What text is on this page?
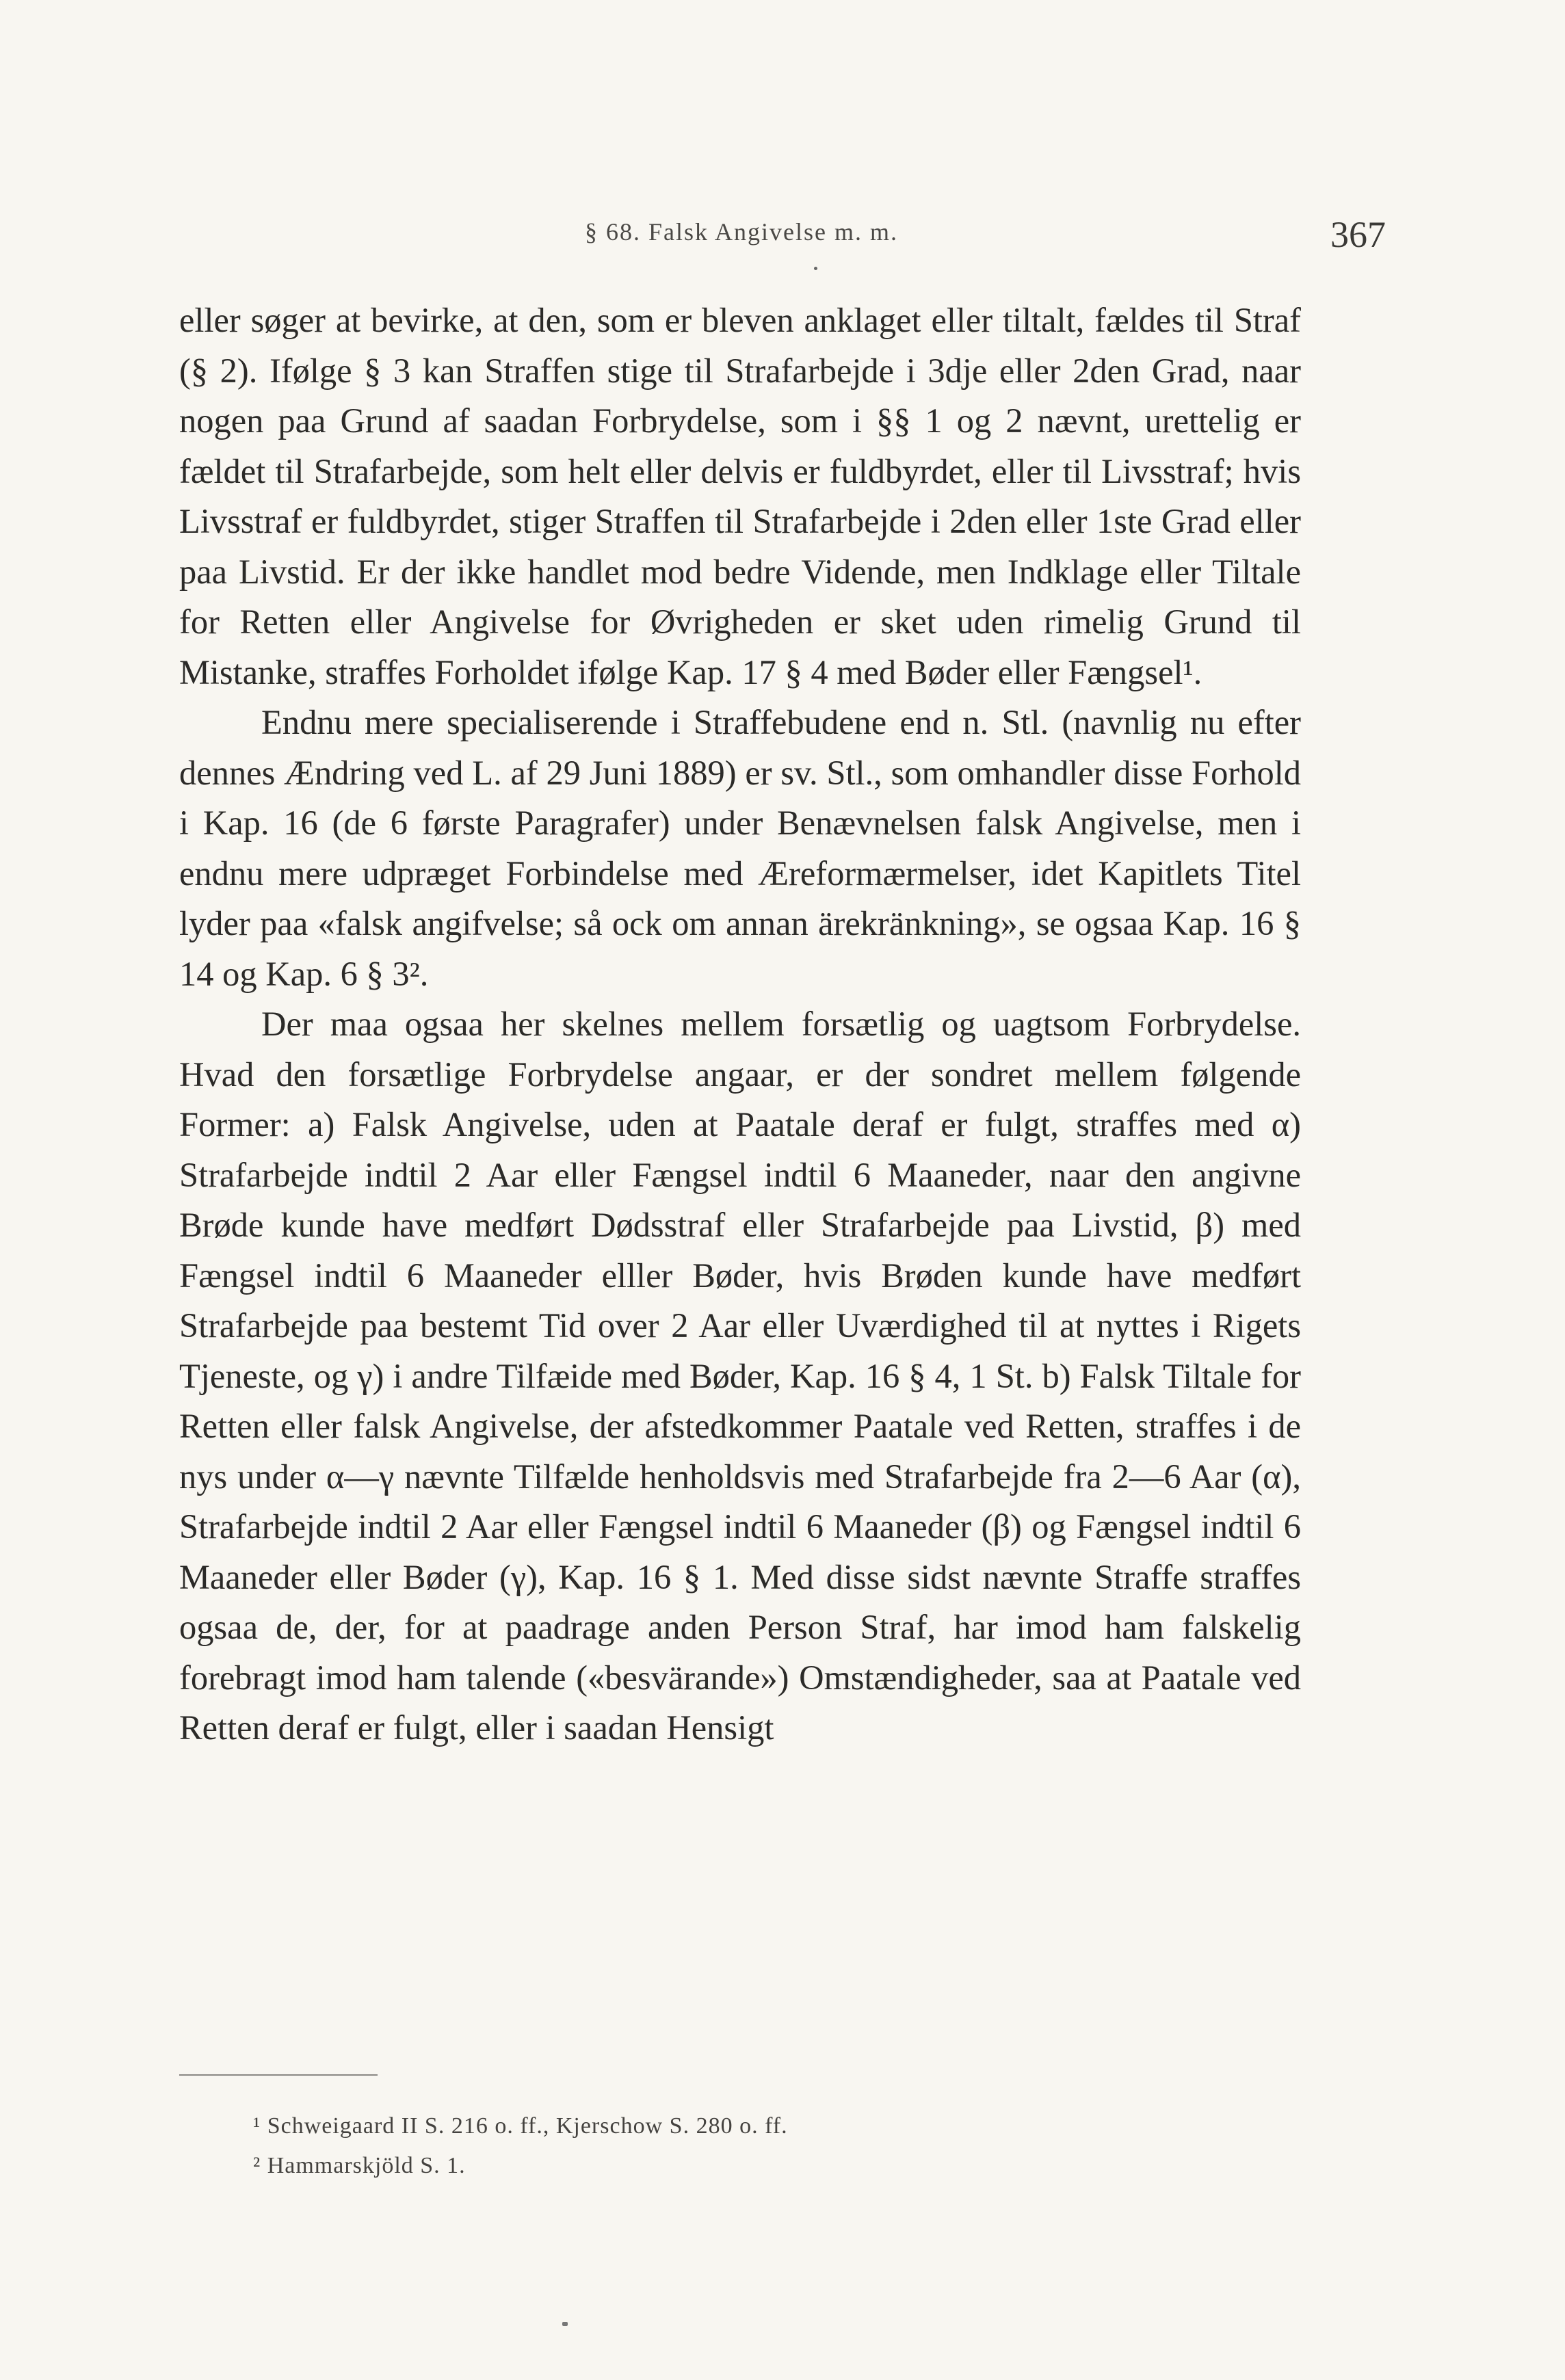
§ 68. Falsk Angivelse m. m.	367

eller søger at bevirke, at den, som er bleven anklaget eller tiltalt, fældes til Straf (§ 2). Ifølge § 3 kan Straffen stige til Strafarbejde i 3dje eller 2den Grad, naar nogen paa Grund af saadan Forbrydelse, som i §§ 1 og 2 nævnt, urettelig er fældet til Strafarbejde, som helt eller delvis er fuldbyrdet, eller til Livsstraf; hvis Livsstraf er fuldbyrdet, stiger Straffen til Strafarbejde i 2den eller 1ste Grad eller paa Livstid. Er der ikke handlet mod bedre Vidende, men Indklage eller Tiltale for Retten eller Angivelse for Øvrigheden er sket uden rimelig Grund til Mistanke, straffes Forholdet ifølge Kap. 17 § 4 med Bøder eller Fængsel¹.

Endnu mere specialiserende i Straffebudene end n. Stl. (navnlig nu efter dennes Ændring ved L. af 29 Juni 1889) er sv. Stl., som omhandler disse Forhold i Kap. 16 (de 6 første Paragrafer) under Benævnelsen falsk Angivelse, men i endnu mere udpræget Forbindelse med Æreformærmelser, idet Kapitlets Titel lyder paa «falsk angifvelse; så ock om annan ärekränkning», se ogsaa Kap. 16 § 14 og Kap. 6 § 3².

Der maa ogsaa her skelnes mellem forsætlig og uagtsom Forbrydelse. Hvad den forsætlige Forbrydelse angaar, er der sondret mellem følgende Former: a) Falsk Angivelse, uden at Paatale deraf er fulgt, straffes med α) Strafarbejde indtil 2 Aar eller Fængsel indtil 6 Maaneder, naar den angivne Brøde kunde have medført Dødsstraf eller Strafarbejde paa Livstid, β) med Fængsel indtil 6 Maaneder elller Bøder, hvis Brøden kunde have medført Strafarbejde paa bestemt Tid over 2 Aar eller Uværdighed til at nyttes i Rigets Tjeneste, og γ) i andre Tilfæide med Bøder, Kap. 16 § 4, 1 St. b) Falsk Tiltale for Retten eller falsk Angivelse, der afstedkommer Paatale ved Retten, straffes i de nys under α—γ nævnte Tilfælde henholdsvis med Strafarbejde fra 2—6 Aar (α), Strafarbejde indtil 2 Aar eller Fængsel indtil 6 Maaneder (β) og Fængsel indtil 6 Maaneder eller Bøder (γ), Kap. 16 § 1. Med disse sidst nævnte Straffe straffes ogsaa de, der, for at paadrage anden Person Straf, har imod ham falskelig forebragt imod ham talende («besvärande») Omstændigheder, saa at Paatale ved Retten deraf er fulgt, eller i saadan Hensigt

¹ Schweigaard II S. 216 o. ff., Kjerschow S. 280 o. ff.
² Hammarskjöld S. 1.
